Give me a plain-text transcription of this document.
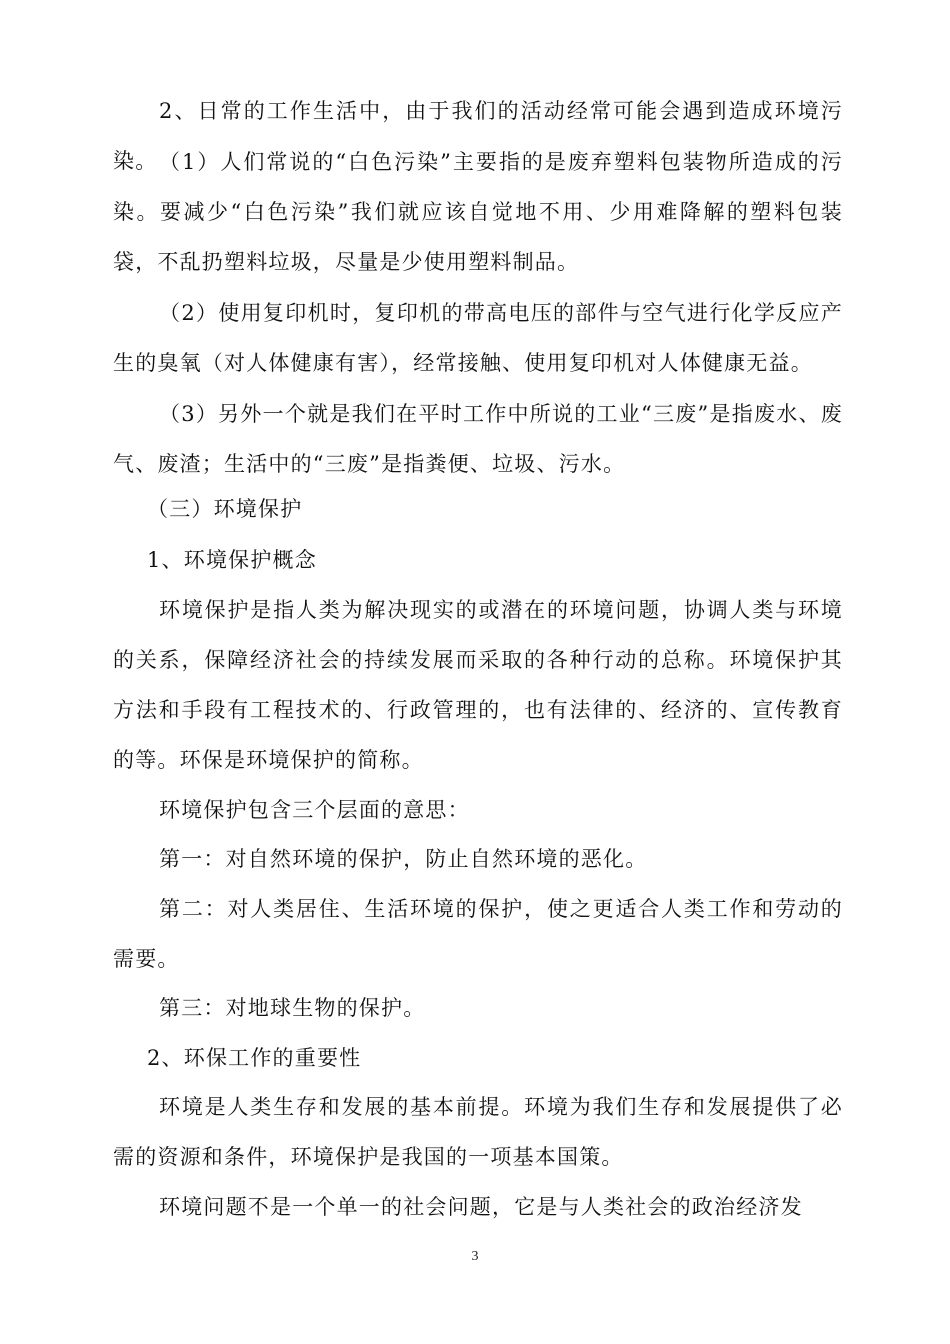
2、日常的工作生活中，由于我们的活动经常可能会遇到造成环境污染。 （1）人们常说的“白色污染”主要指的是废弃塑料包装物所造成的污染。要减少“白色污染”我们就应该自觉地不用、少用难降解的塑料包装袋，不乱扔塑料垃圾，尽量是少使用塑料制品。

（2）使用复印机时，复印机的带高电压的部件与空气进行化学反应产生的臭氧（对人体健康有害），经常接触、使用复印机对人体健康无益。

（3）另外一个就是我们在平时工作中所说的工业“三废”是指废水、废气、废渣；生活中的“三废”是指粪便、垃圾、污水。

（三）环境保护

1、环境保护概念

环境保护是指人类为解决现实的或潜在的环境问题，协调人类与环境的关系，保障经济社会的持续发展而采取的各种行动的总称。环境保护其方法和手段有工程技术的、行政管理的，也有法律的、经济的、宣传教育的等。环保是环境保护的简称。

环境保护包含三个层面的意思：

第一：对自然环境的保护，防止自然环境的恶化。

第二：对人类居住、生活环境的保护，使之更适合人类工作和劳动的需要。

第三：对地球生物的保护。

2、环保工作的重要性

环境是人类生存和发展的基本前提。环境为我们生存和发展提供了必需的资源和条件，环境保护是我国的一项基本国策。

环境问题不是一个单一的社会问题，它是与人类社会的政治经济发

3
